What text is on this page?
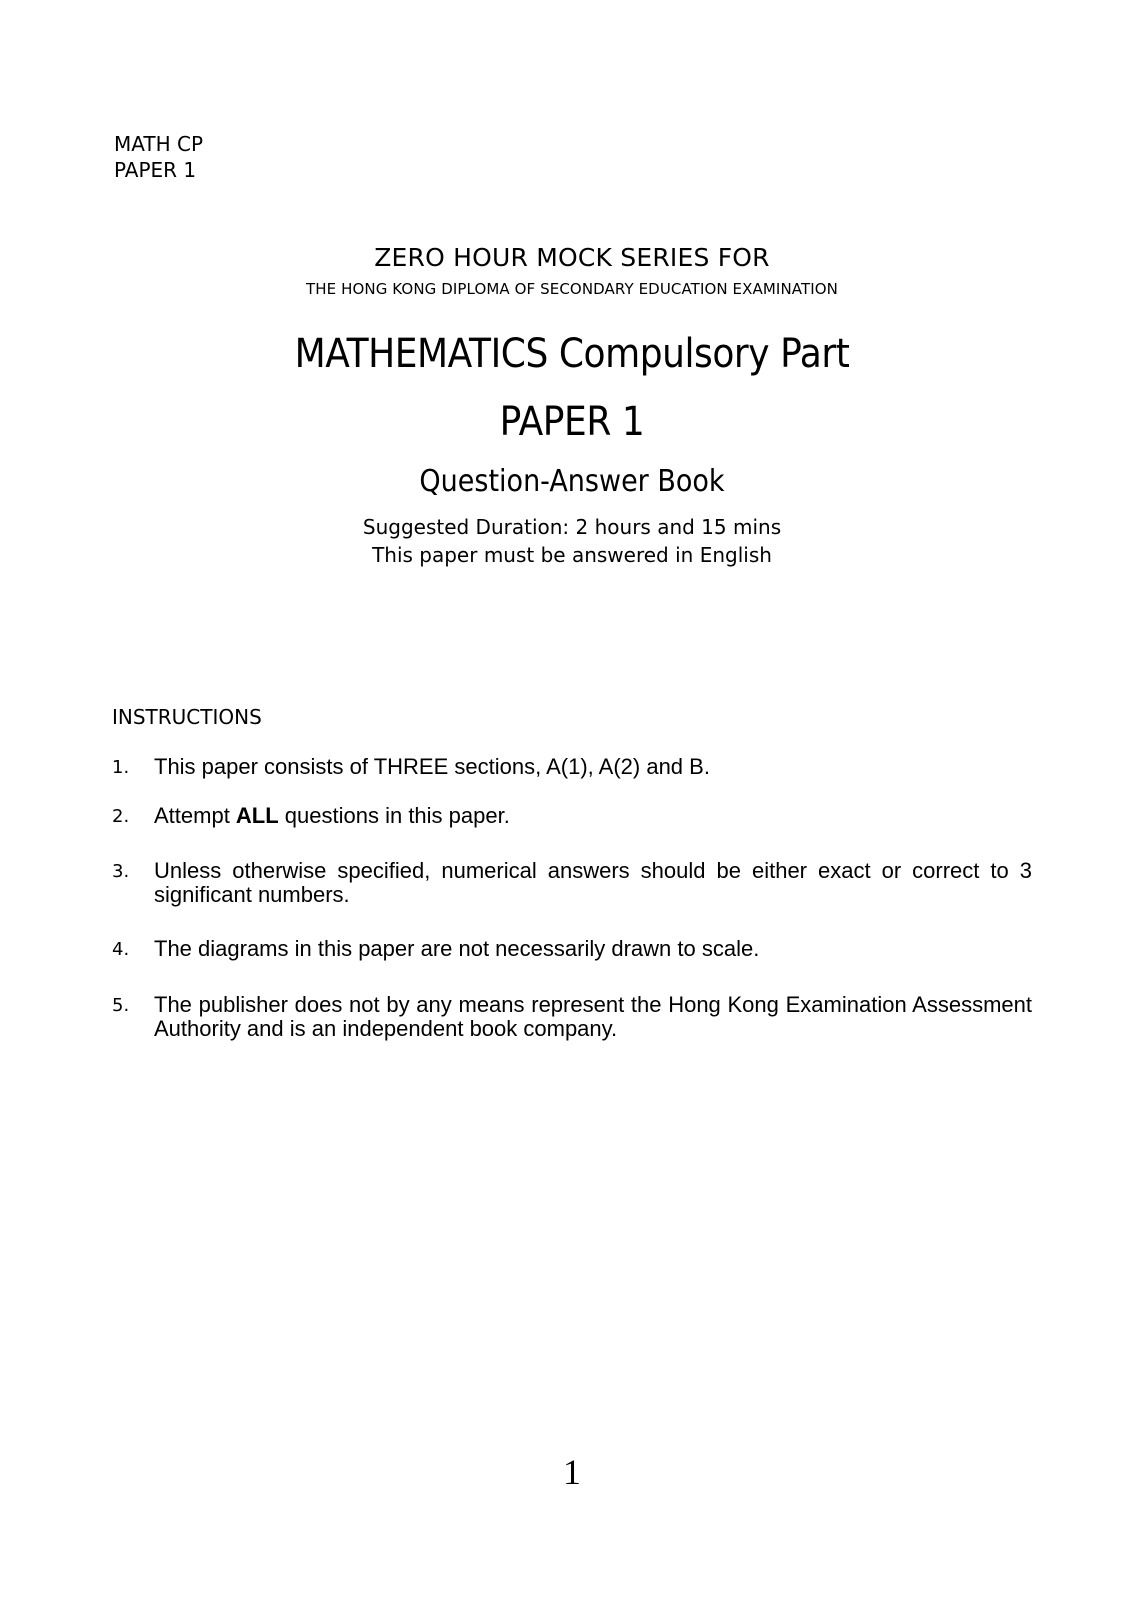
MATH CP
PAPER 1
ZERO HOUR MOCK SERIES FOR
THE HONG KONG DIPLOMA OF SECONDARY EDUCATION EXAMINATION
MATHEMATICS Compulsory Part
PAPER 1
Question-Answer Book
Suggested Duration: 2 hours and 15 mins
This paper must be answered in English
INSTRUCTIONS
1. This paper consists of THREE sections, A(1), A(2) and B.
2. Attempt ALL questions in this paper.
3. Unless otherwise specified, numerical answers should be either exact or correct to 3 significant numbers.
4. The diagrams in this paper are not necessarily drawn to scale.
5. The publisher does not by any means represent the Hong Kong Examination Assessment Authority and is an independent book company.
1
